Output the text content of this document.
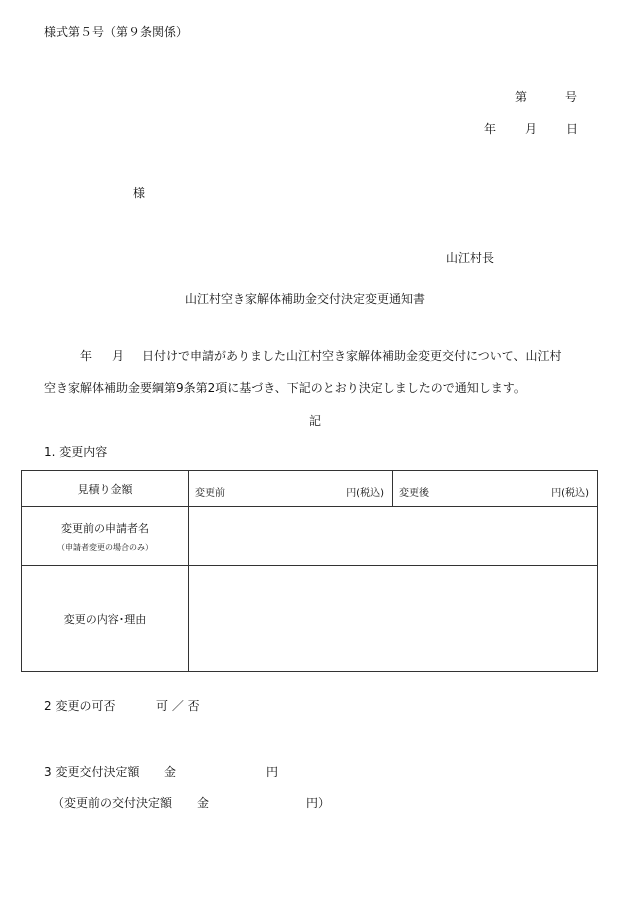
様式第５号（第９条関係）
第	号
年 月 日
様
山江村長
山江村空き家解体補助金交付決定変更通知書
年 月 日付けで申請がありました山江村空き家解体補助金変更交付について、山江村
空き家解体補助金要綱第9条第2項に基づき、下記のとおり決定しましたので通知します。
記
1. 変更内容
見積り金額	変更前 円(税込)	変更後 円(税込)

変更前の申請者名
（申請者変更の場合のみ）		

変更の内容･理由		

2 変更の可否	可 ／ 否
3 変更交付決定額 金	円
（変更前の交付決定額 金	円）
